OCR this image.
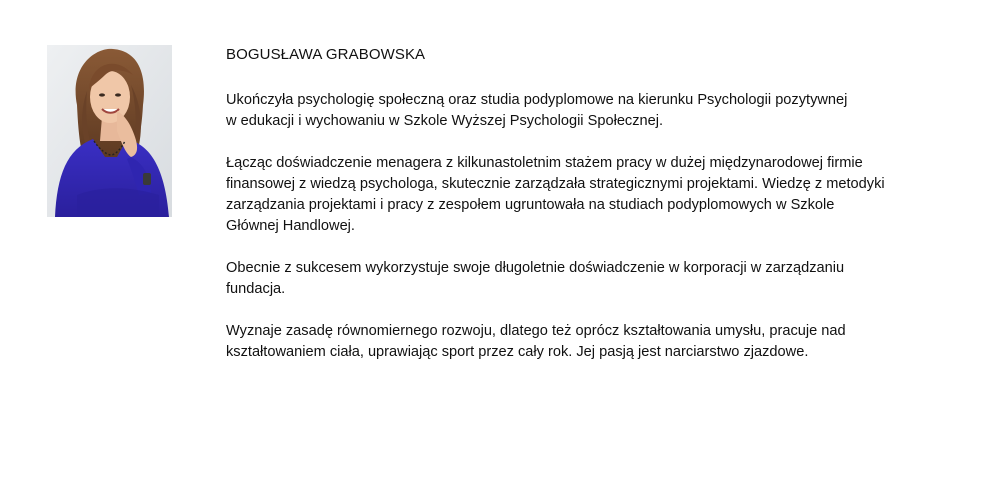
BOGUSŁAWA GRABOWSKA
Ukończyła psychologię społeczną oraz studia podyplomowe na kierunku Psychologii pozytywnej
w edukacji i wychowaniu w Szkole Wyższej Psychologii Społecznej.
Łącząc doświadczenie menagera z kilkunastoletnim stażem pracy w dużej międzynarodowej firmie
finansowej z wiedzą psychologa, skutecznie zarządzała strategicznymi projektami. Wiedzę z metodyki
zarządzania projektami i pracy z zespołem ugruntowała na studiach podyplomowych w Szkole
Głównej Handlowej.
Obecnie z sukcesem wykorzystuje swoje długoletnie doświadczenie w korporacji w zarządzaniu
fundacja.
Wyznaje zasadę równomiernego rozwoju, dlatego też oprócz kształtowania umysłu, pracuje nad
kształtowaniem ciała, uprawiając sport przez cały rok. Jej pasją jest narciarstwo zjazdowe.
